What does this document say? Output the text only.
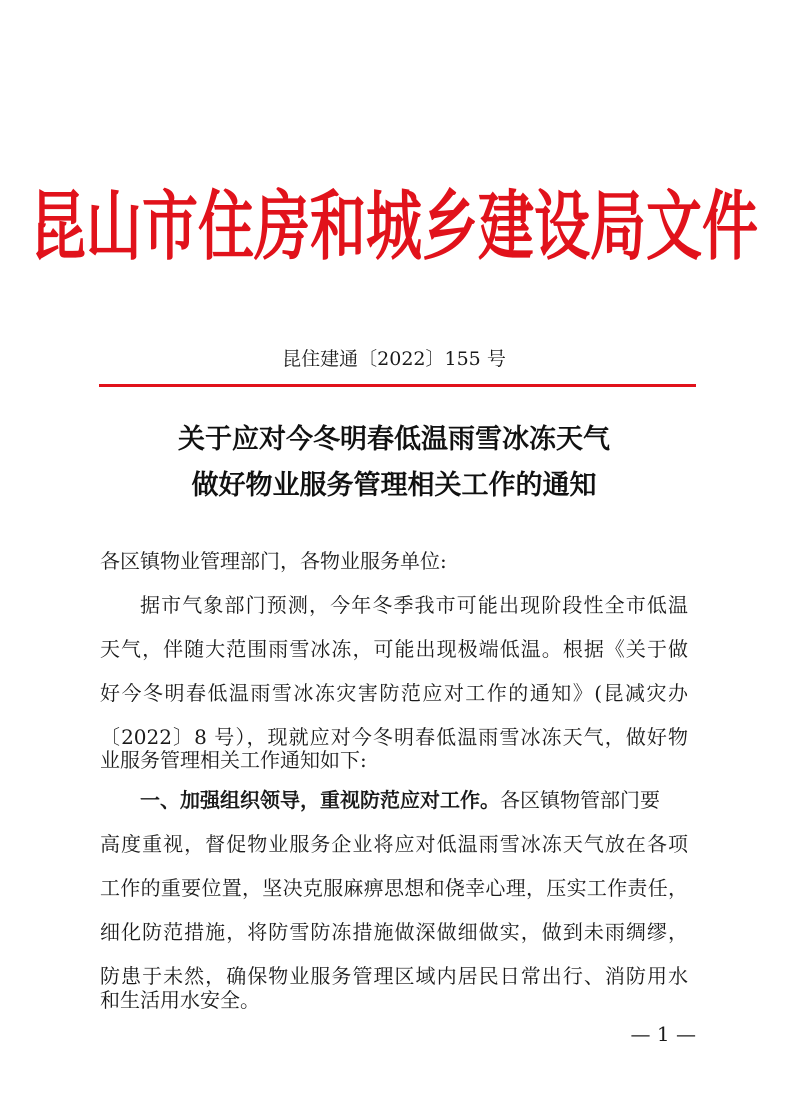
昆山市住房和城乡建设局文件
昆住建通〔2022〕155 号
关于应对今冬明春低温雨雪冰冻天气
做好物业服务管理相关工作的通知
各区镇物业管理部门，各物业服务单位:
据市气象部门预测，今年冬季我市可能出现阶段性全市低温
天气，伴随大范围雨雪冰冻，可能出现极端低温。根据《关于做
好今冬明春低温雨雪冰冻灾害防范应对工作的通知》(昆减灾办
〔2022〕8 号），现就应对今冬明春低温雨雪冰冻天气，做好物
业服务管理相关工作通知如下:
一、加强组织领导，重视防范应对工作。各区镇物管部门要
高度重视，督促物业服务企业将应对低温雨雪冰冻天气放在各项
工作的重要位置，坚决克服麻痹思想和侥幸心理，压实工作责任，
细化防范措施，将防雪防冻措施做深做细做实，做到未雨绸缪，
防患于未然，确保物业服务管理区域内居民日常出行、消防用水
和生活用水安全。
— 1 —
